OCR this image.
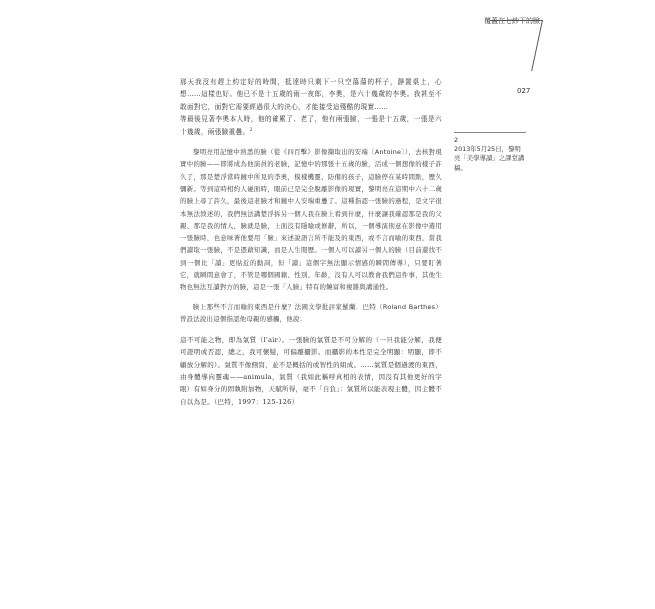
覆蓋在七紗下的臉
027

那天我沒有趕上約定好的時間，抵達時只剩下一只空蕩蕩的杯子，靜置桌上，心想……這樣也好。他已不是十五歲的雨一夜郎，李奧，是六十幾歲的李奧。我甚至不敢面對它，面對它需要經過很大的決心，才能接受這殘酷的現實……
等最後見著李奧本人時，他的確累了、老了，他有兩張臉，一張是十五歲，一張是六十幾歲，兩張臉重疊。$^2$

黎明亮用記憶中熟悉的臉（從《四百擊》影像擷取出的安端〔Antoine〕），去核對現實中的臉——即將成為他演員的老臉，記憶中的那張十五歲的臉，活成一個想像的樣子許久了，那是楚浮當時鏡中所見的李奧，模樣機靈、防備的孩子，這臉停在某時間點，歷久彌新。等到這時相約人碰面時，眼前已是完全脫離影像的現實，黎明亮在這期中六十二歲的臉上尋了許久，最後這老臉才和鏡中人安端重疊了。這種指認一張臉的過程，是文字很本無法敘述的，我們無法講楚浮拆另一個人我在臉上看到什麼，什麼讓我確認那是我的父親、那是我的情人，臉就是臉，上面沒有隱喻或修辭，所以，一個導演則意在影像中選用一張臉時，也意味著他要用「臉」來述說語言所不能及的東西，或不言而喻的東西，當我們讀取一張臉，不是憑藉知識，而是人生閱歷。一個人可以讀另一個人的臉（目前還找不到一個比「讀」更貼近的動詞，但「讀」這個字無法顯示情感的瞬間傳導），只要盯著它，就瞬間意會了，不管是哪個國籍、性別、年齡，沒有人可以教會我們這件事，其他生物也無法互讀對方的臉，這是一張「人臉」特有的饒富和複雜與溝通性。

臉上那些不言而喻的東西是什麼？法國文學批評家羅蘭．巴特（Roland Barthes）曾設法說出這個指認他母親的感觸，他說：

這不可能之物，即為氣質（l'air）。一張臉的氣質是不可分解的（一旦我能分解，我便可證明或否認，總之，我可懷疑，可偏離攝影。而攝影的本性是完全明顯：明顯，即不顧放分解的）。氣質不像側寫，並不是概括的或智性的組成。……氣質是個過渡的東西，由身體導向靈魂——animula，氣質（我如此稱呼真相的表情，因沒有其他更好的字眼）有如身分的固執附加物，天賦所得，毫不「自負」：氣質所以能表現主體，因主體不自以為是。（巴特，1997：125-126）

2
2013年5月25日，黎明亮「美學導讀」之課堂講稿。
